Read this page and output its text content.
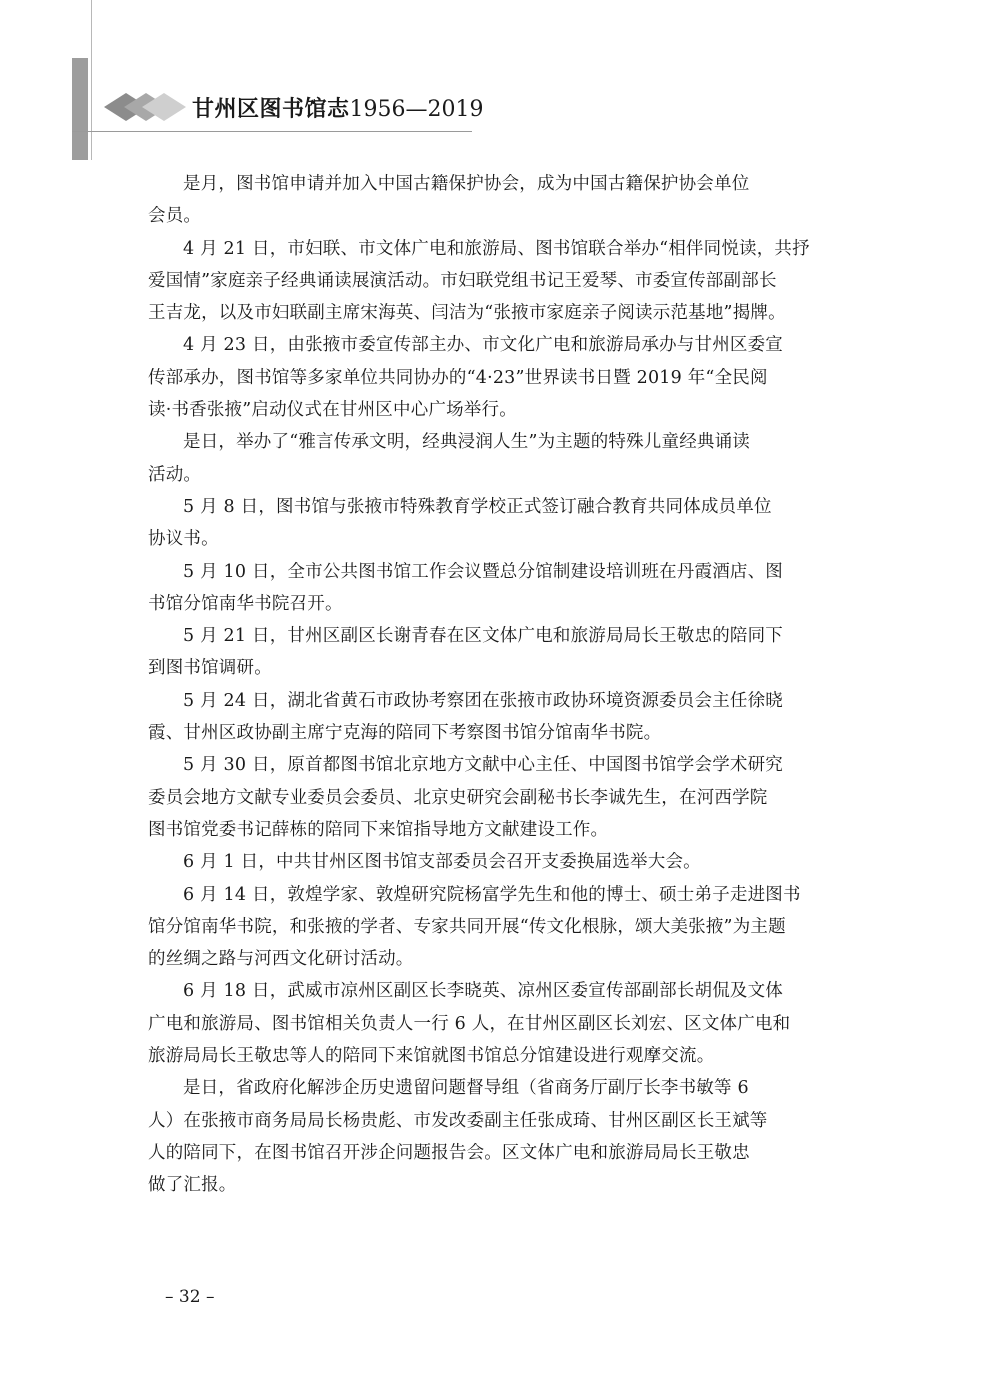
甘州区图书馆志1956—2019

是月，图书馆申请并加入中国古籍保护协会，成为中国古籍保护协会单位
会员。

4 月 21 日，市妇联、市文体广电和旅游局、图书馆联合举办“相伴同悦读，共抒
爱国情”家庭亲子经典诵读展演活动。市妇联党组书记王爱琴、市委宣传部副部长
王吉龙，以及市妇联副主席宋海英、闫洁为“张掖市家庭亲子阅读示范基地”揭牌。

4 月 23 日，由张掖市委宣传部主办、市文化广电和旅游局承办与甘州区委宣
传部承办，图书馆等多家单位共同协办的“4·23”世界读书日暨 2019 年“全民阅
读·书香张掖”启动仪式在甘州区中心广场举行。

是日，举办了“雅言传承文明，经典浸润人生”为主题的特殊儿童经典诵读
活动。

5 月 8 日，图书馆与张掖市特殊教育学校正式签订融合教育共同体成员单位
协议书。

5 月 10 日，全市公共图书馆工作会议暨总分馆制建设培训班在丹霞酒店、图
书馆分馆南华书院召开。

5 月 21 日，甘州区副区长谢青春在区文体广电和旅游局局长王敬忠的陪同下
到图书馆调研。

5 月 24 日，湖北省黄石市政协考察团在张掖市政协环境资源委员会主任徐晓
霞、甘州区政协副主席宁克海的陪同下考察图书馆分馆南华书院。

5 月 30 日，原首都图书馆北京地方文献中心主任、中国图书馆学会学术研究
委员会地方文献专业委员会委员、北京史研究会副秘书长李诚先生，在河西学院
图书馆党委书记薛栋的陪同下来馆指导地方文献建设工作。

6 月 1 日，中共甘州区图书馆支部委员会召开支委换届选举大会。

6 月 14 日，敦煌学家、敦煌研究院杨富学先生和他的博士、硕士弟子走进图书
馆分馆南华书院，和张掖的学者、专家共同开展“传文化根脉，颂大美张掖”为主题
的丝绸之路与河西文化研讨活动。

6 月 18 日，武威市凉州区副区长李晓英、凉州区委宣传部副部长胡侃及文体
广电和旅游局、图书馆相关负责人一行 6 人，在甘州区副区长刘宏、区文体广电和
旅游局局长王敬忠等人的陪同下来馆就图书馆总分馆建设进行观摩交流。

是日，省政府化解涉企历史遗留问题督导组（省商务厅副厅长李书敏等 6
人）在张掖市商务局局长杨贵彪、市发改委副主任张成琦、甘州区副区长王斌等
人的陪同下，在图书馆召开涉企问题报告会。区文体广电和旅游局局长王敬忠
做了汇报。

– 32 –
